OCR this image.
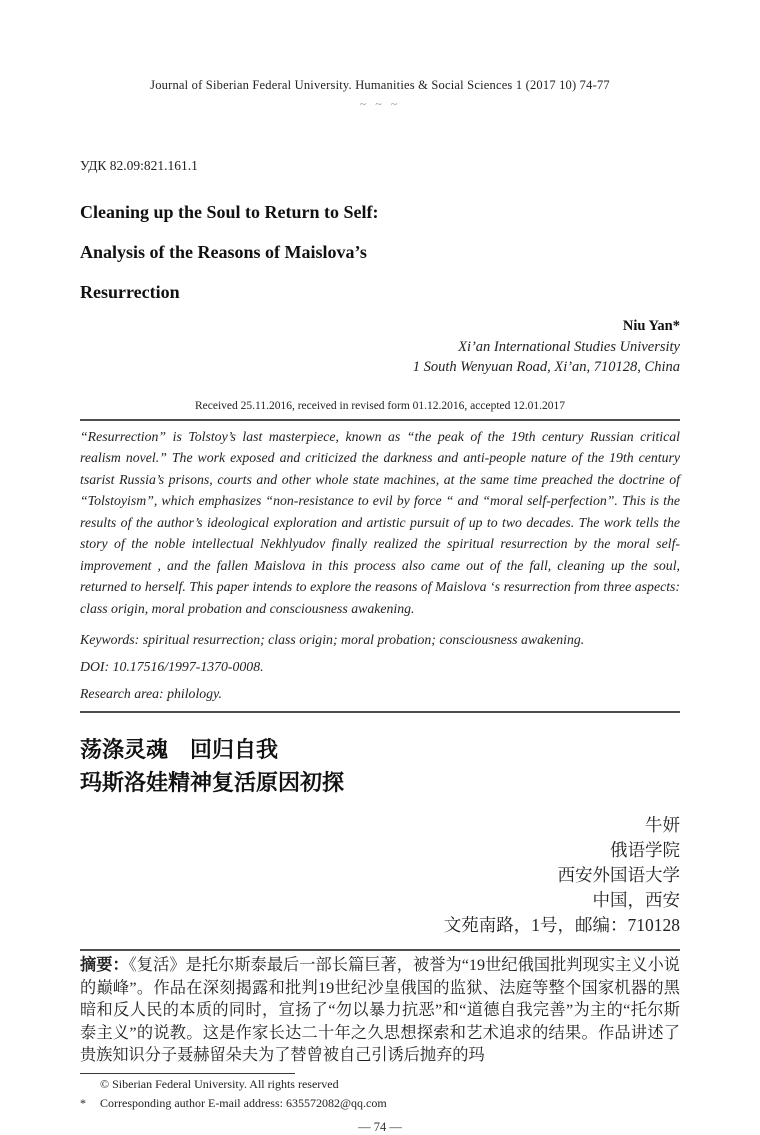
Journal of Siberian Federal University. Humanities & Social Sciences 1 (2017 10) 74-77
~ ~ ~
УДК 82.09:821.161.1
Cleaning up the Soul to Return to Self:
Analysis of the Reasons of Maislova’s
Resurrection
Niu Yan*
Xi’an International Studies University
1 South Wenyuan Road, Xi’an, 710128, China
Received 25.11.2016, received in revised form 01.12.2016, accepted 12.01.2017
“Resurrection” is Tolstoy’s last masterpiece, known as “the peak of the 19th century Russian critical realism novel.” The work exposed and criticized the darkness and anti-people nature of the 19th century tsarist Russia’s prisons, courts and other whole state machines, at the same time preached the doctrine of “Tolstoyism”, which emphasizes “non-resistance to evil by force “ and “moral self-perfection”. This is the results of the author’s ideological exploration and artistic pursuit of up to two decades. The work tells the story of the noble intellectual Nekhlyudov finally realized the spiritual resurrection by the moral self-improvement , and the fallen Maislova in this process also came out of the fall, cleaning up the soul, returned to herself. This paper intends to explore the reasons of Maislova ‘s resurrection from three aspects: class origin, moral probation and consciousness awakening.
Keywords: spiritual resurrection; class origin; moral probation; consciousness awakening.
DOI: 10.17516/1997-1370-0008.
Research area: philology.
荡涤灵魂　回归自我
玛斯洛娃精神复活原因初探
牛妍
俄语学院
西安外国语大学
中国，西安
文苑南路，1号，邮编：710128
摘要：《复活》是托尔斯泰最后一部长篇巨著，被誉为“19世纪俄国批判现实主义小说的巅峰”。作品在深刻揭露和批判19世纪沙皇俄国的监狱、法庭等整个国家机器的黑暗和反人民的本质的同时，宣扬了“勿以暴力抗恶”和“道德自我完善”为主的“托尔斯泰主义”的说教。这是作家长达二十年之久思想探索和艺术追求的结果。作品讲述了贵族知识分子聂赫留朵夫为了替曾被自己引诱后抛弃的玛
© Siberian Federal University. All rights reserved
*	Corresponding author E-mail address: 635572082@qq.com
— 74 —
